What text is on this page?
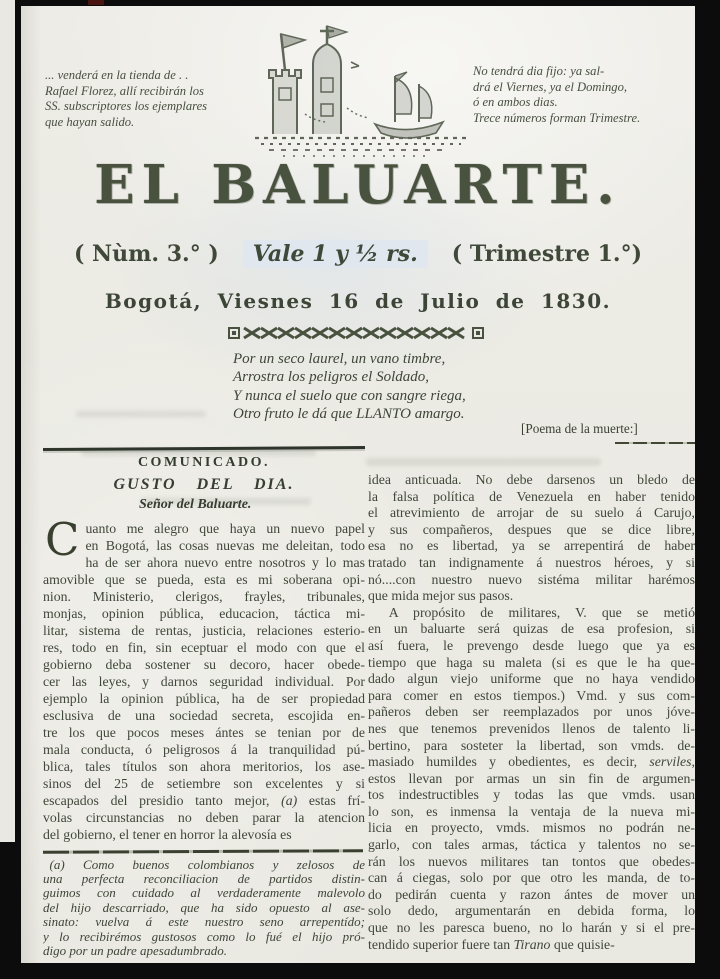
... venderá en la tienda de . .
Rafael Florez, allí recibirán los
SS. subscriptores los ejemplares
que hayan salido.
No tendrá dia fijo: ya sal-
drá el Viernes, ya el Domingo,
ó en ambos dias.
Trece números forman Trimestre.
EL BALUARTE.
( Nùm. 3.° )	Vale 1 y ½ rs.	( Trimestre 1.°)
Bogotá, Viesnes 16 de Julio de 1830.
Por un seco laurel, un vano timbre,
Arrostra los peligros el Soldado,
Y nunca el suelo que con sangre riega,
Otro fruto le dá que LLANTO amargo.
[Poema de la muerte:]
COMUNICADO.
GUSTO DEL DIA.
Señor del Baluarte.
C uanto me alegro que haya un nuevo papel
en Bogotá, las cosas nuevas me deleitan, todo
ha de ser ahora nuevo entre nosotros y lo mas
amovible que se pueda, esta es mi soberana opi-
nion. Ministerio, clerigos, frayles, tribunales,
monjas, opinion pública, educacion, táctica mi-
litar, sistema de rentas, justicia, relaciones esterio-
res, todo en fin, sin eceptuar el modo con que el
gobierno deba sostener su decoro, hacer obede-
cer las leyes, y darnos seguridad individual. Por
ejemplo la opinion pública, ha de ser propiedad
esclusiva de una sociedad secreta, escojida en-
tre los que pocos meses ántes se tenian por de
mala conducta, ó peligrosos á la tranquilidad pú-
blica, tales títulos son ahora meritorios, los ase-
sinos del 25 de setiembre son excelentes y si
escapados del presidio tanto mejor, (a) estas frí-
volas circunstancias no deben parar la atencion
del gobierno, el tener en horror la alevosía es
 (a) Como buenos colombianos y zelosos de
una perfecta reconciliacion de partidos distin-
guimos con cuidado al verdaderamente malevolo
del hijo descarriado, que ha sido opuesto al ase-
sinato: vuelva á este nuestro seno arrepentído;
y lo recibirémos gustosos como lo fué el hijo pró-
digo por un padre apesadumbrado.
idea anticuada. No debe darsenos un bledo de
la falsa política de Venezuela en haber tenido
el atrevimiento de arrojar de su suelo á Carujo,
y sus compañeros, despues que se dice libre,
esa no es libertad, ya se arrepentirá de haber
tratado tan indignamente á nuestros héroes, y si
nó....con nuestro nuevo sistéma militar harémos
que mida mejor sus pasos.
  A propósito de militares, V. que se metió
en un baluarte será quizas de esa profesion, si
así fuera, le prevengo desde luego que ya es
tiempo que haga su maleta (si es que le ha que-
dado algun viejo uniforme que no haya vendido
para comer en estos tiempos.) Vmd. y sus com-
pañeros deben ser reemplazados por unos jóve-
nes que tenemos prevenidos llenos de talento li-
bertino, para sosteter la libertad, son vmds. de-
masiado humildes y obedientes, es decir, serviles,
estos llevan por armas un sin fin de argumen-
tos indestructibles y todas las que vmds. usan
lo son, es inmensa la ventaja de la nueva mi-
licia en proyecto, vmds. mismos no podrán ne-
garlo, con tales armas, táctica y talentos no se-
rán los nuevos militares tan tontos que obedes-
can á ciegas, solo por que otro les manda, de to-
do pedirán cuenta y razon ántes de mover un
solo dedo, argumentarán en debida forma, lo
que no les paresca bueno, no lo harán y si el pre-
tendido superior fuere tan Tirano que quisie-
